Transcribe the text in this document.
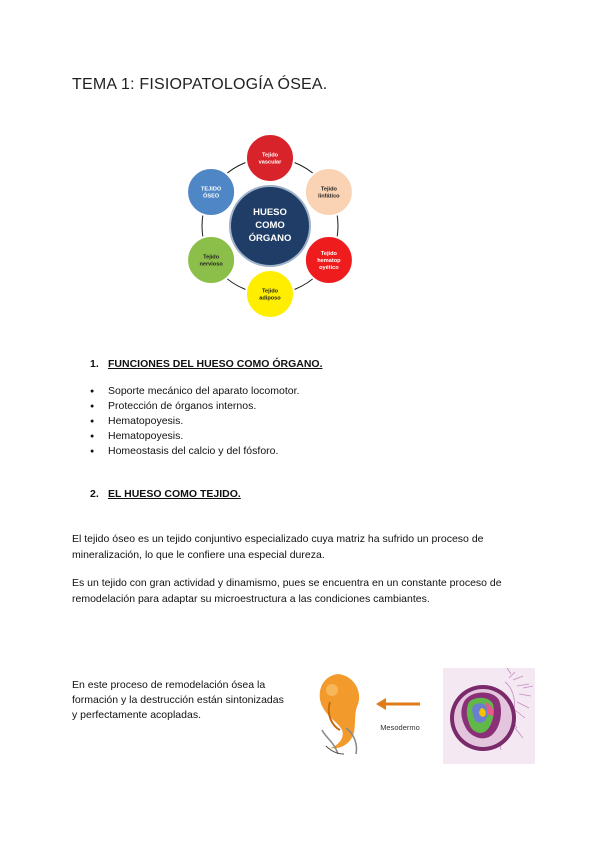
TEMA 1: FISIOPATOLOGÍA ÓSEA.
Tejido
vascular
Tejido
linfático
Tejido
hematop
oyético
Tejido
adiposo
Tejido
nervioso
TEJIDO
ÓSEO
HUESO
COMO
ÓRGANO
1. FUNCIONES DEL HUESO COMO ÓRGANO.
● Soporte mecánico del aparato locomotor.
● Protección de órganos internos.
● Hematopoyesis.
● Hematopoyesis.
● Homeostasis del calcio y del fósforo.
2. EL HUESO COMO TEJIDO.
El tejido óseo es un tejido conjuntivo especializado cuya matriz ha sufrido un proceso de mineralización, lo que le confiere una especial dureza.
Es un tejido con gran actividad y dinamismo, pues se encuentra en un constante proceso de remodelación para adaptar su microestructura a las condiciones cambiantes.
En este proceso de remodelación ósea la formación y la destrucción están sintonizadas y perfectamente acopladas.
Mesodermo
